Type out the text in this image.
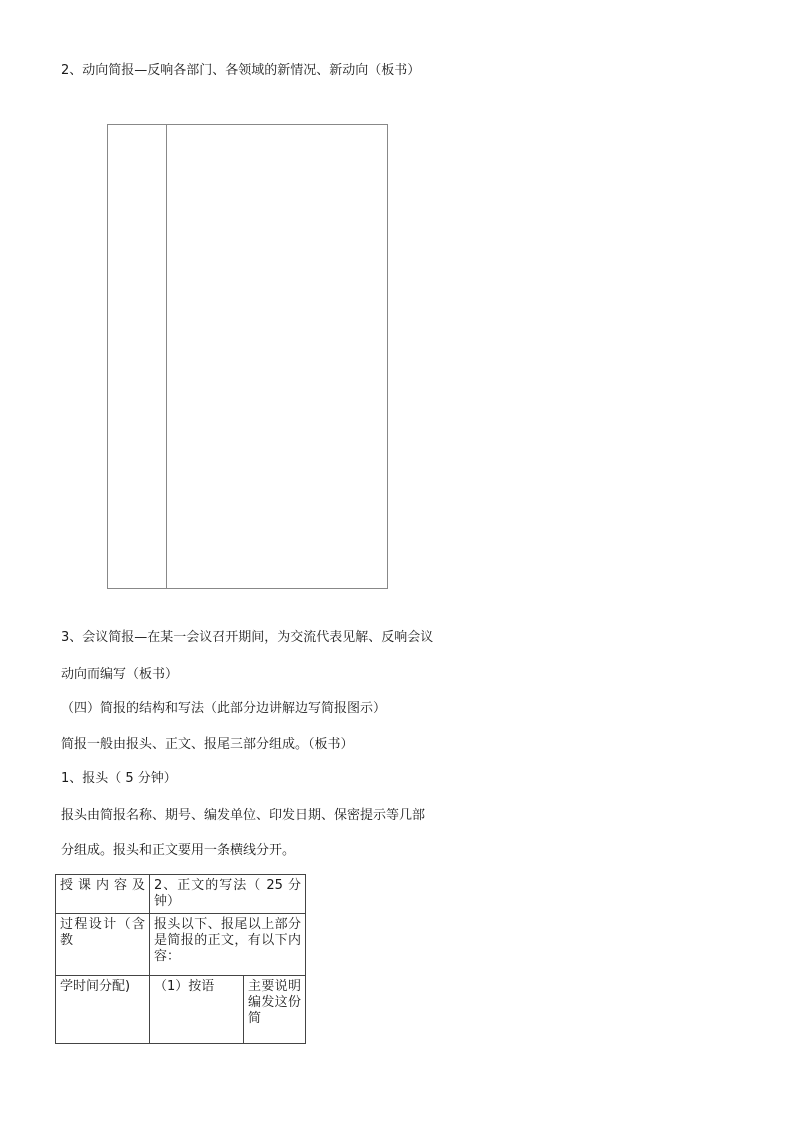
2、动向简报—反响各部门、各领域的新情况、新动向（板书）
3、会议简报—在某一会议召开期间，为交流代表见解、反响会议
动向而编写（板书）
（四）简报的结构和写法（此部分边讲解边写简报图示）
简报一般由报头、正文、报尾三部分组成。（板书）
1、报头（ 5 分钟）
报头由简报名称、期号、编发单位、印发日期、保密提示等几部
分组成。报头和正文要用一条横线分开。
授课内容及	2、正文的写法（ 25 分钟）	
过程设计（含教	报头以下、报尾以上部分是简报的正文，有以下内容：	
学时间分配)	（1）按语	主要说明编发这份简
